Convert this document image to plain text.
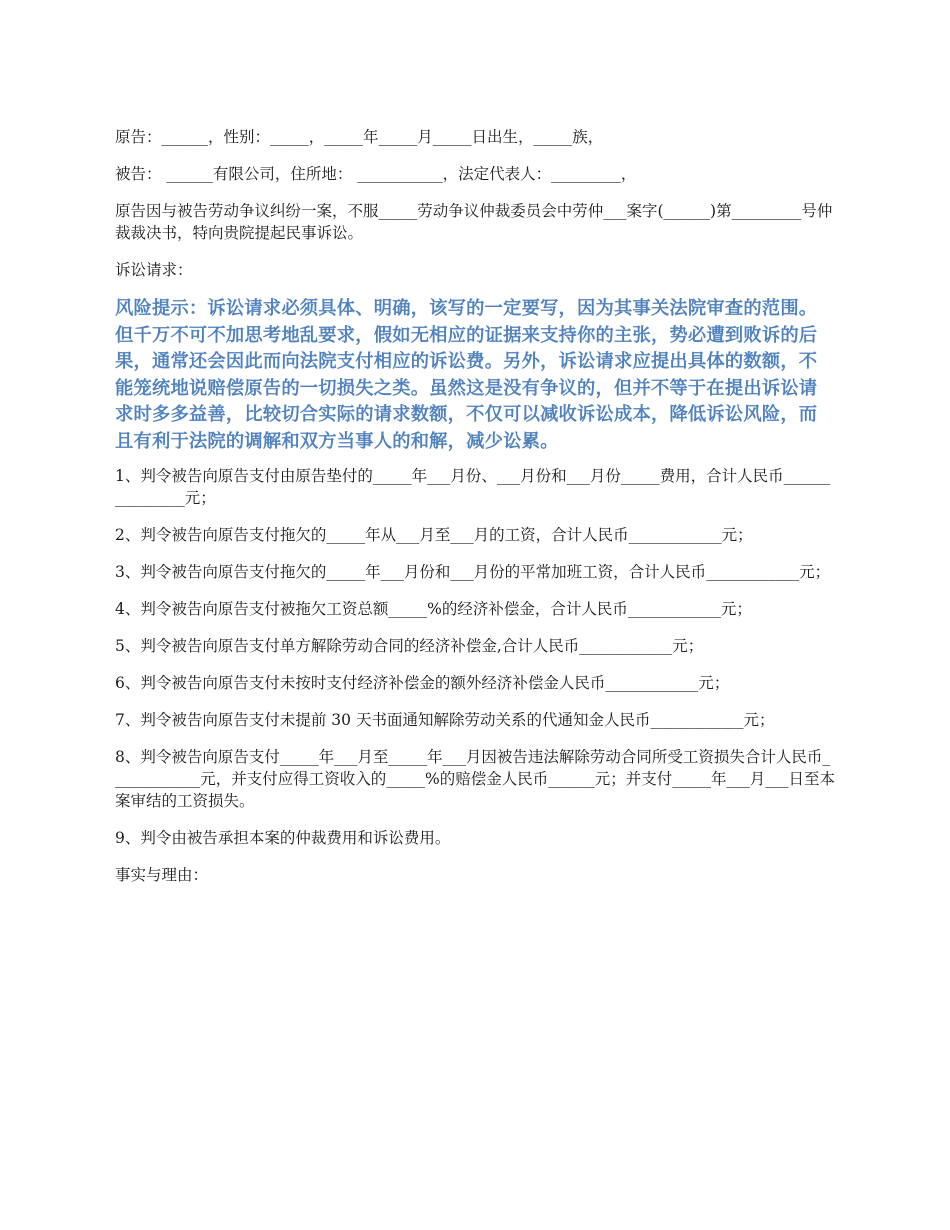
原告：______，性别：_____，_____年_____月_____日出生，_____族，

被告： ______有限公司，住所地： ___________，法定代表人：_________，

原告因与被告劳动争议纠纷一案，不服_____劳动争议仲裁委员会中劳仲___案字(______)第_________号仲裁裁决书，特向贵院提起民事诉讼。

诉讼请求：

风险提示：诉讼请求必须具体、明确，该写的一定要写，因为其事关法院审查的范围。但千万不可不加思考地乱要求，假如无相应的证据来支持你的主张，势必遭到败诉的后果，通常还会因此而向法院支付相应的诉讼费。另外，诉讼请求应提出具体的数额，不能笼统地说赔偿原告的一切损失之类。虽然这是没有争议的，但并不等于在提出诉讼请求时多多益善，比较切合实际的请求数额，不仅可以减收诉讼成本，降低诉讼风险，而且有利于法院的调解和双方当事人的和解，减少讼累。

1、判令被告向原告支付由原告垫付的_____年___月份、___月份和___月份_____费用，合计人民币_______________元；

2、判令被告向原告支付拖欠的_____年从___月至___月的工资，合计人民币____________元；

3、判令被告向原告支付拖欠的_____年___月份和___月份的平常加班工资，合计人民币____________元；

4、判令被告向原告支付被拖欠工资总额_____%的经济补偿金，合计人民币____________元；

5、判令被告向原告支付单方解除劳动合同的经济补偿金,合计人民币____________元；

6、判令被告向原告支付未按时支付经济补偿金的额外经济补偿金人民币____________元；

7、判令被告向原告支付未提前 30 天书面通知解除劳动关系的代通知金人民币____________元；

8、判令被告向原告支付_____年___月至_____年___月因被告违法解除劳动合同所受工资损失合计人民币____________元，并支付应得工资收入的_____%的赔偿金人民币______元；并支付_____年___月___日至本案审结的工资损失。

9、判令由被告承担本案的仲裁费用和诉讼费用。

事实与理由：
